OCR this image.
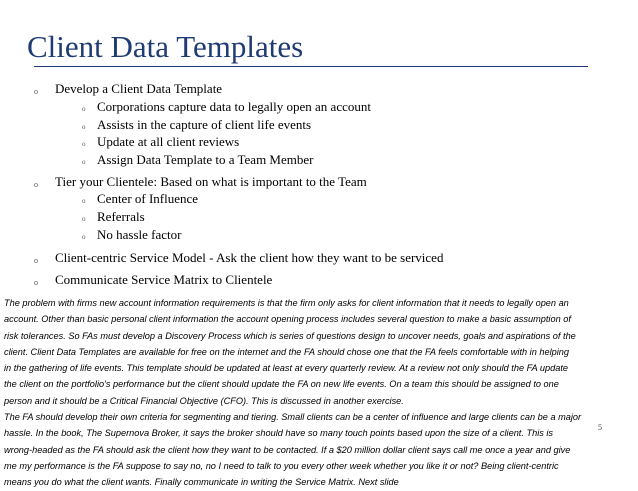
Client Data Templates
o Develop a Client Data Template
o Corporations capture data to legally open an account
o Assists in the capture of client life events
o Update at all client reviews
o Assign Data Template to a Team Member
o Tier your Clientele: Based on what is important to the Team
o Center of Influence
o Referrals
o No hassle factor
o Client-centric Service Model - Ask the client how they want to be serviced
o Communicate Service Matrix to Clientele
The problem with firms new account information requirements is that the firm only asks for client information that it needs to legally open an
account. Other than basic personal client information the account opening process includes several question to make a basic assumption of
risk tolerances. So FAs must develop a Discovery Process which is series of questions design to uncover needs, goals and aspirations of the
client. Client Data Templates are available for free on the internet and the FA should chose one that the FA feels comfortable with in helping
in the gathering of life events. This template should be updated at least at every quarterly review. At a review not only should the FA update
the client on the portfolio's performance but the client should update the FA on new life events. On a team this should be assigned to one
person and it should be a Critical Financial Objective (CFO). This is discussed in another exercise.
The FA should develop their own criteria for segmenting and tiering. Small clients can be a center of influence and large clients can be a major
hassle. In the book, The Supernova Broker, it says the broker should have so many touch points based upon the size of a client. This is
wrong-headed as the FA should ask the client how they want to be contacted. If a $20 million dollar client says call me once a year and give
me my performance is the FA suppose to say no, no I need to talk to you every other week whether you like it or not? Being client-centric
means you do what the client wants. Finally communicate in writing the Service Matrix. Next slide
5
